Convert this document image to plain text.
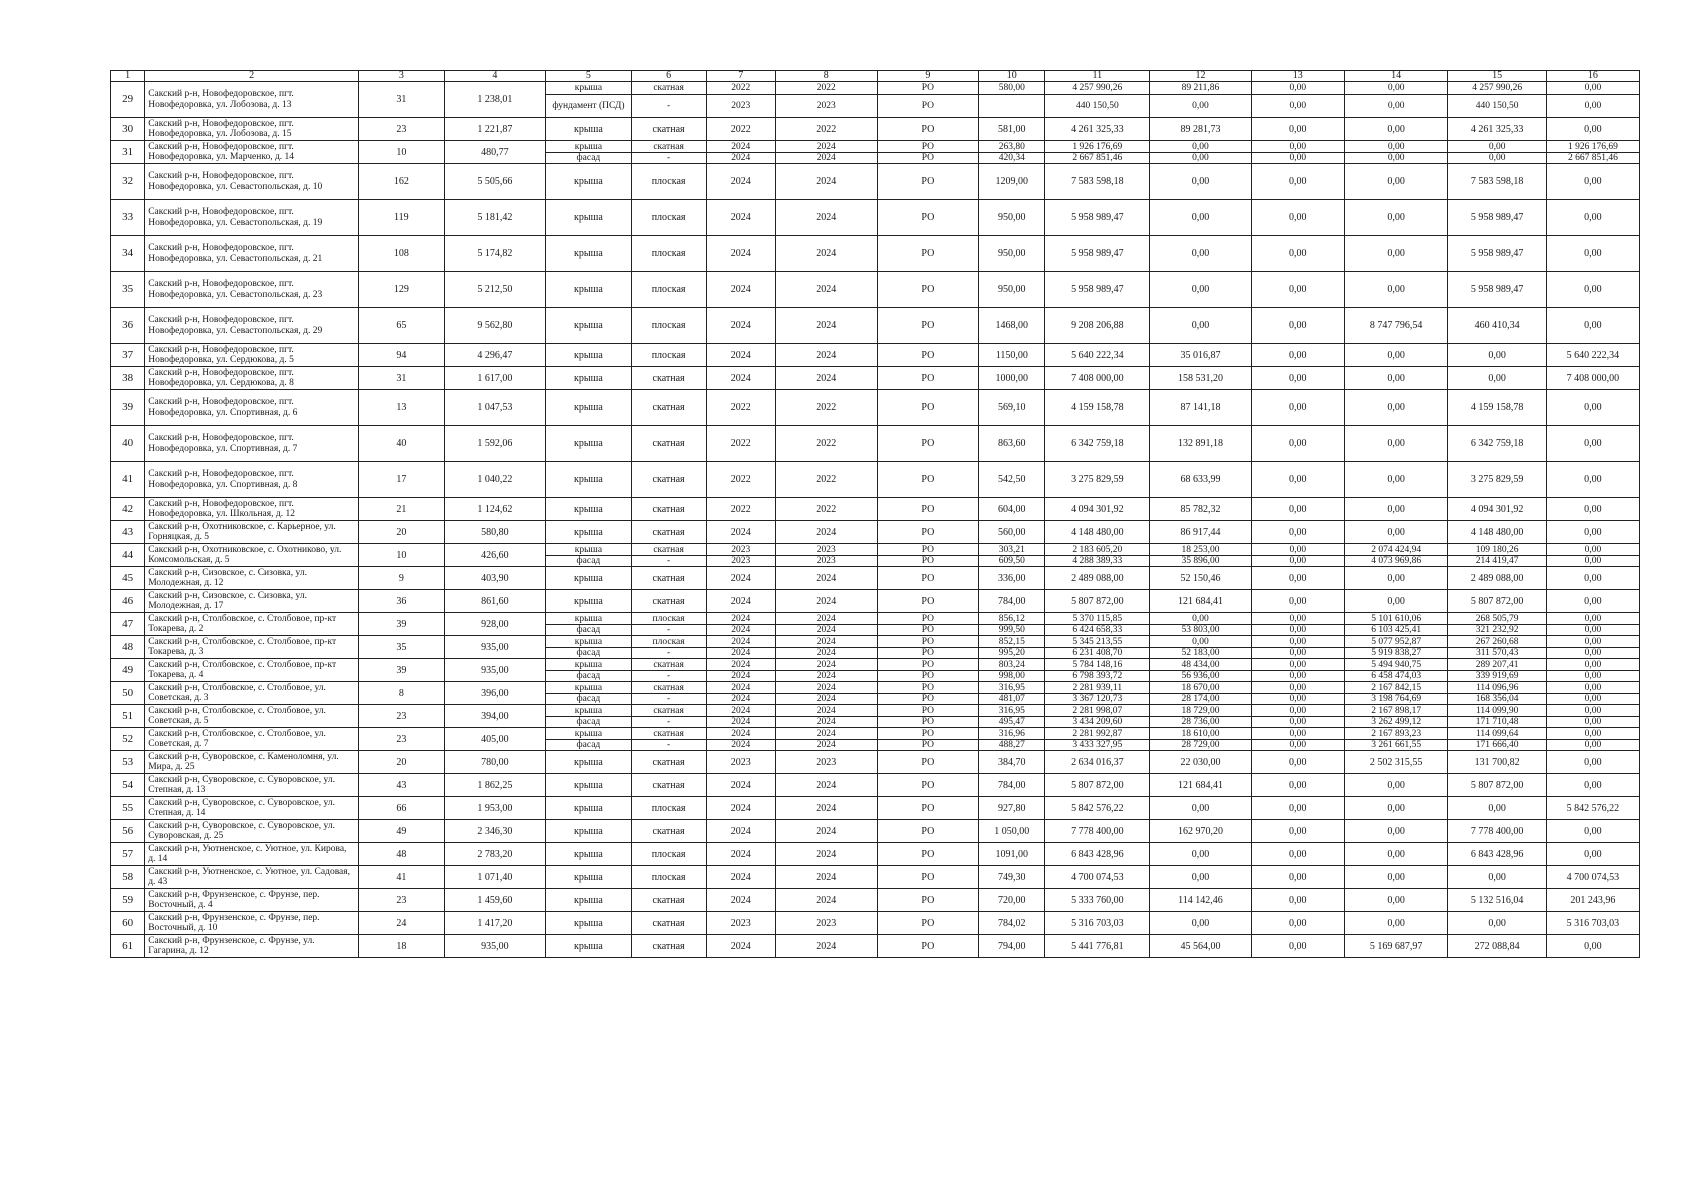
1	2	3	4	5	6	7	8	9	10	11	12	13	14	15	16
29	Сакский р-н, Новофедоровское, пгт. Новофедоровка, ул. Лобозова, д. 13	31	1 238,01	крыша	скатная	2022	2022	РО	580,00	4 257 990,26	89 211,86	0,00	0,00	4 257 990,26	0,00
				фундамент (ПСД)	-	2023	2023	РО		440 150,50	0,00	0,00	0,00	440 150,50	0,00
30	Сакский р-н, Новофедоровское, пгт. Новофедоровка, ул. Лобозова, д. 15	23	1 221,87	крыша	скатная	2022	2022	РО	581,00	4 261 325,33	89 281,73	0,00	0,00	4 261 325,33	0,00
31	Сакский р-н, Новофедоровское, пгт. Новофедоровка, ул. Марченко, д. 14	10	480,77	крыша	скатная	2024	2024	РО	263,80	1 926 176,69	0,00	0,00	0,00	0,00	1 926 176,69
				фасад	-	2024	2024	РО	420,34	2 667 851,46	0,00	0,00	0,00	0,00	2 667 851,46
32	Сакский р-н, Новофедоровское, пгт. Новофедоровка, ул. Севастопольская, д. 10	162	5 505,66	крыша	плоская	2024	2024	РО	1209,00	7 583 598,18	0,00	0,00	0,00	7 583 598,18	0,00
33	Сакский р-н, Новофедоровское, пгт. Новофедоровка, ул. Севастопольская, д. 19	119	5 181,42	крыша	плоская	2024	2024	РО	950,00	5 958 989,47	0,00	0,00	0,00	5 958 989,47	0,00
34	Сакский р-н, Новофедоровское, пгт. Новофедоровка, ул. Севастопольская, д. 21	108	5 174,82	крыша	плоская	2024	2024	РО	950,00	5 958 989,47	0,00	0,00	0,00	5 958 989,47	0,00
35	Сакский р-н, Новофедоровское, пгт. Новофедоровка, ул. Севастопольская, д. 23	129	5 212,50	крыша	плоская	2024	2024	РО	950,00	5 958 989,47	0,00	0,00	0,00	5 958 989,47	0,00
36	Сакский р-н, Новофедоровское, пгт. Новофедоровка, ул. Севастопольская, д. 29	65	9 562,80	крыша	плоская	2024	2024	РО	1468,00	9 208 206,88	0,00	0,00	8 747 796,54	460 410,34	0,00
37	Сакский р-н, Новофедоровское, пгт. Новофедоровка, ул. Сердюкова, д. 5	94	4 296,47	крыша	плоская	2024	2024	РО	1150,00	5 640 222,34	35 016,87	0,00	0,00	0,00	5 640 222,34
38	Сакский р-н, Новофедоровское, пгт. Новофедоровка, ул. Сердюкова, д. 8	31	1 617,00	крыша	скатная	2024	2024	РО	1000,00	7 408 000,00	158 531,20	0,00	0,00	0,00	7 408 000,00
39	Сакский р-н, Новофедоровское, пгт. Новофедоровка, ул. Спортивная, д. 6	13	1 047,53	крыша	скатная	2022	2022	РО	569,10	4 159 158,78	87 141,18	0,00	0,00	4 159 158,78	0,00
40	Сакский р-н, Новофедоровское, пгт. Новофедоровка, ул. Спортивная, д. 7	40	1 592,06	крыша	скатная	2022	2022	РО	863,60	6 342 759,18	132 891,18	0,00	0,00	6 342 759,18	0,00
41	Сакский р-н, Новофедоровское, пгт. Новофедоровка, ул. Спортивная, д. 8	17	1 040,22	крыша	скатная	2022	2022	РО	542,50	3 275 829,59	68 633,99	0,00	0,00	3 275 829,59	0,00
42	Сакский р-н, Новофедоровское, пгт. Новофедоровка, ул. Школьная, д. 12	21	1 124,62	крыша	скатная	2022	2022	РО	604,00	4 094 301,92	85 782,32	0,00	0,00	4 094 301,92	0,00
43	Сакский р-н, Охотниковское, с. Карьерное, ул. Горняцкая, д. 5	20	580,80	крыша	скатная	2024	2024	РО	560,00	4 148 480,00	86 917,44	0,00	0,00	4 148 480,00	0,00
44	Сакский р-н, Охотниковское, с. Охотниково, ул. Комсомольская, д. 5	10	426,60	крыша	скатная	2023	2023	РО	303,21	2 183 605,20	18 253,00	0,00	2 074 424,94	109 180,26	0,00
				фасад	-	2023	2023	РО	609,50	4 288 389,33	35 896,00	0,00	4 073 969,86	214 419,47	0,00
45	Сакский р-н, Сизовское, с. Сизовка, ул. Молодежная, д. 12	9	403,90	крыша	скатная	2024	2024	РО	336,00	2 489 088,00	52 150,46	0,00	0,00	2 489 088,00	0,00
46	Сакский р-н, Сизовское, с. Сизовка, ул. Молодежная, д. 17	36	861,60	крыша	скатная	2024	2024	РО	784,00	5 807 872,00	121 684,41	0,00	0,00	5 807 872,00	0,00
47	Сакский р-н, Столбовское, с. Столбовое, пр-кт Токарева, д. 2	39	928,00	крыша	плоская	2024	2024	РО	856,12	5 370 115,85	0,00	0,00	5 101 610,06	268 505,79	0,00
				фасад	-	2024	2024	РО	999,50	6 424 658,33	53 803,00	0,00	6 103 425,41	321 232,92	0,00
48	Сакский р-н, Столбовское, с. Столбовое, пр-кт Токарева, д. 3	35	935,00	крыша	плоская	2024	2024	РО	852,15	5 345 213,55	0,00	0,00	5 077 952,87	267 260,68	0,00
				фасад	-	2024	2024	РО	995,20	6 231 408,70	52 183,00	0,00	5 919 838,27	311 570,43	0,00
49	Сакский р-н, Столбовское, с. Столбовое, пр-кт Токарева, д. 4	39	935,00	крыша	скатная	2024	2024	РО	803,24	5 784 148,16	48 434,00	0,00	5 494 940,75	289 207,41	0,00
				фасад	-	2024	2024	РО	998,00	6 798 393,72	56 936,00	0,00	6 458 474,03	339 919,69	0,00
50	Сакский р-н, Столбовское, с. Столбовое, ул. Советская, д. 3	8	396,00	крыша	скатная	2024	2024	РО	316,95	2 281 939,11	18 670,00	0,00	2 167 842,15	114 096,96	0,00
				фасад	-	2024	2024	РО	481,07	3 367 120,73	28 174,00	0,00	3 198 764,69	168 356,04	0,00
51	Сакский р-н, Столбовское, с. Столбовое, ул. Советская, д. 5	23	394,00	крыша	скатная	2024	2024	РО	316,95	2 281 998,07	18 729,00	0,00	2 167 898,17	114 099,90	0,00
				фасад	-	2024	2024	РО	495,47	3 434 209,60	28 736,00	0,00	3 262 499,12	171 710,48	0,00
52	Сакский р-н, Столбовское, с. Столбовое, ул. Советская, д. 7	23	405,00	крыша	скатная	2024	2024	РО	316,96	2 281 992,87	18 610,00	0,00	2 167 893,23	114 099,64	0,00
				фасад	-	2024	2024	РО	488,27	3 433 327,95	28 729,00	0,00	3 261 661,55	171 666,40	0,00
53	Сакский р-н, Суворовское, с. Каменоломня, ул. Мира, д. 25	20	780,00	крыша	скатная	2023	2023	РО	384,70	2 634 016,37	22 030,00	0,00	2 502 315,55	131 700,82	0,00
54	Сакский р-н, Суворовское, с. Суворовское, ул. Степная, д. 13	43	1 862,25	крыша	скатная	2024	2024	РО	784,00	5 807 872,00	121 684,41	0,00	0,00	5 807 872,00	0,00
55	Сакский р-н, Суворовское, с. Суворовское, ул. Степная, д. 14	66	1 953,00	крыша	плоская	2024	2024	РО	927,80	5 842 576,22	0,00	0,00	0,00	0,00	5 842 576,22
56	Сакский р-н, Суворовское, с. Суворовское, ул. Суворовская, д. 25	49	2 346,30	крыша	скатная	2024	2024	РО	1 050,00	7 778 400,00	162 970,20	0,00	0,00	7 778 400,00	0,00
57	Сакский р-н, Уютненское, с. Уютное, ул. Кирова, д. 14	48	2 783,20	крыша	плоская	2024	2024	РО	1091,00	6 843 428,96	0,00	0,00	0,00	6 843 428,96	0,00
58	Сакский р-н, Уютненское, с. Уютное, ул. Садовая, д. 43	41	1 071,40	крыша	плоская	2024	2024	РО	749,30	4 700 074,53	0,00	0,00	0,00	0,00	4 700 074,53
59	Сакский р-н, Фрунзенское, с. Фрунзе, пер. Восточный, д. 4	23	1 459,60	крыша	скатная	2024	2024	РО	720,00	5 333 760,00	114 142,46	0,00	0,00	5 132 516,04	201 243,96
60	Сакский р-н, Фрунзенское, с. Фрунзе, пер. Восточный, д. 10	24	1 417,20	крыша	скатная	2023	2023	РО	784,02	5 316 703,03	0,00	0,00	0,00	0,00	5 316 703,03
61	Сакский р-н, Фрунзенское, с. Фрунзе, ул. Гагарина, д. 12	18	935,00	крыша	скатная	2024	2024	РО	794,00	5 441 776,81	45 564,00	0,00	5 169 687,97	272 088,84	0,00
